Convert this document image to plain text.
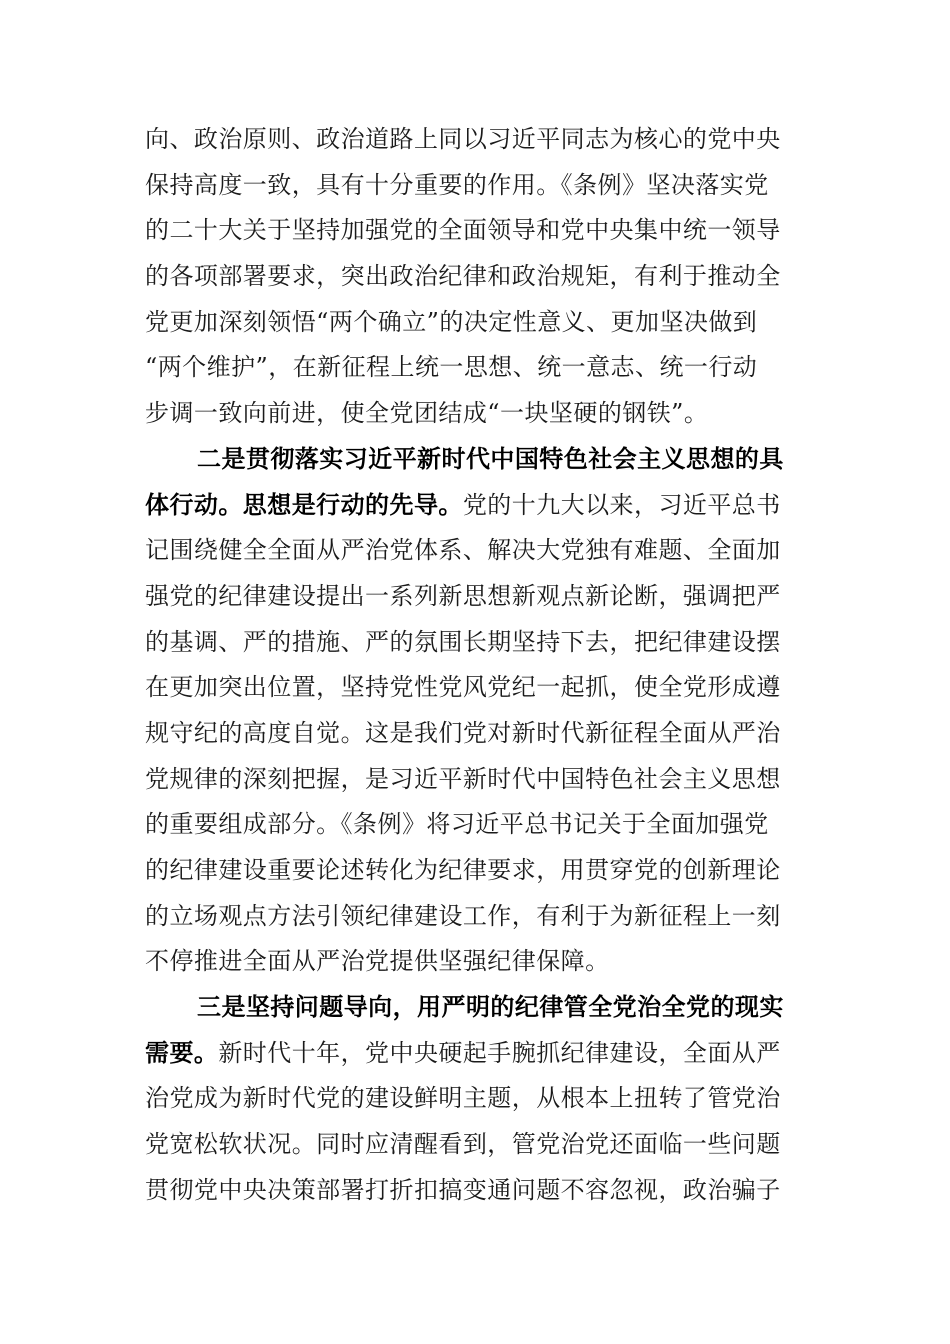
向、政治原则、政治道路上同以习近平同志为核心的党中央
保持高度一致，具有十分重要的作用。《条例》坚决落实党
的二十大关于坚持加强党的全面领导和党中央集中统一领导
的各项部署要求，突出政治纪律和政治规矩，有利于推动全
党更加深刻领悟“两个确立”的决定性意义、更加坚决做到
“两个维护”，在新征程上统一思想、统一意志、统一行动
步调一致向前进，使全党团结成“一块坚硬的钢铁”。
二是贯彻落实习近平新时代中国特色社会主义思想的具
体行动。思想是行动的先导。党的十九大以来，习近平总书
记围绕健全全面从严治党体系、解决大党独有难题、全面加
强党的纪律建设提出一系列新思想新观点新论断，强调把严
的基调、严的措施、严的氛围长期坚持下去，把纪律建设摆
在更加突出位置，坚持党性党风党纪一起抓，使全党形成遵
规守纪的高度自觉。这是我们党对新时代新征程全面从严治
党规律的深刻把握，是习近平新时代中国特色社会主义思想
的重要组成部分。《条例》将习近平总书记关于全面加强党
的纪律建设重要论述转化为纪律要求，用贯穿党的创新理论
的立场观点方法引领纪律建设工作，有利于为新征程上一刻
不停推进全面从严治党提供坚强纪律保障。
三是坚持问题导向，用严明的纪律管全党治全党的现实
需要。新时代十年，党中央硬起手腕抓纪律建设，全面从严
治党成为新时代党的建设鲜明主题，从根本上扭转了管党治
党宽松软状况。同时应清醒看到，管党治党还面临一些问题
贯彻党中央决策部署打折扣搞变通问题不容忽视，政治骗子
